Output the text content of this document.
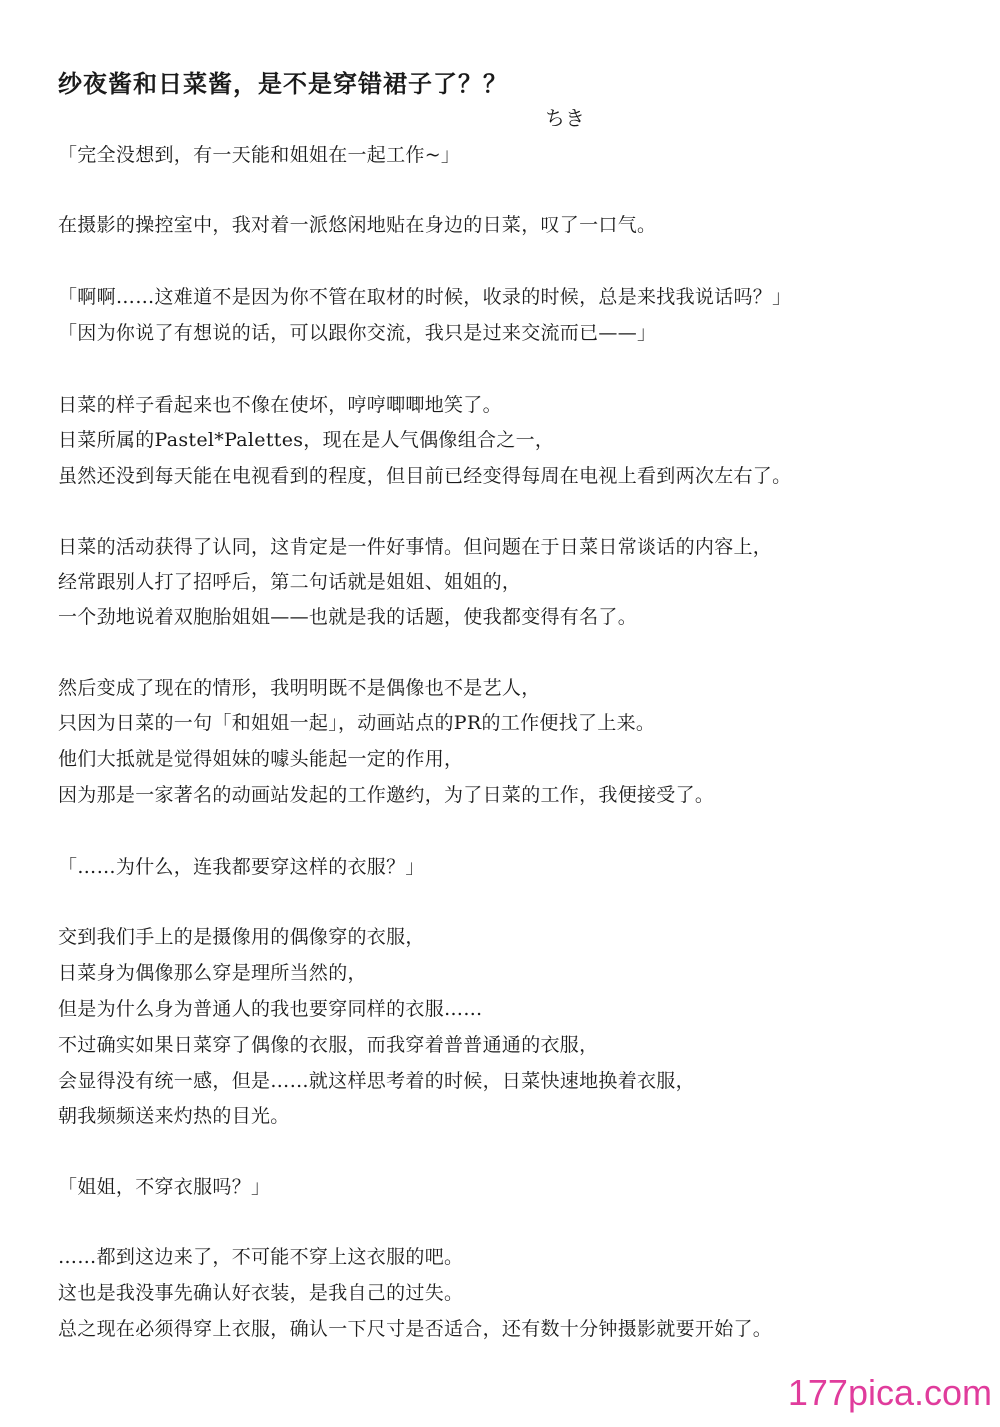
纱夜酱和日菜酱，是不是穿错裙子了？？
ちき
「完全没想到，有一天能和姐姐在一起工作~」
在摄影的操控室中，我对着一派悠闲地贴在身边的日菜，叹了一口气。
「啊啊……这难道不是因为你不管在取材的时候，收录的时候，总是来找我说话吗？」
「因为你说了有想说的话，可以跟你交流，我只是过来交流而已——」
日菜的样子看起来也不像在使坏，哼哼唧唧地笑了。
日菜所属的Pastel*Palettes，现在是人气偶像组合之一，
虽然还没到每天能在电视看到的程度，但目前已经变得每周在电视上看到两次左右了。
日菜的活动获得了认同，这肯定是一件好事情。但问题在于日菜日常谈话的内容上，
经常跟别人打了招呼后，第二句话就是姐姐、姐姐的，
一个劲地说着双胞胎姐姐——也就是我的话题，使我都变得有名了。
然后变成了现在的情形，我明明既不是偶像也不是艺人，
只因为日菜的一句「和姐姐一起」，动画站点的PR的工作便找了上来。
他们大抵就是觉得姐妹的噱头能起一定的作用，
因为那是一家著名的动画站发起的工作邀约，为了日菜的工作，我便接受了。
「……为什么，连我都要穿这样的衣服？」
交到我们手上的是摄像用的偶像穿的衣服，
日菜身为偶像那么穿是理所当然的，
但是为什么身为普通人的我也要穿同样的衣服……
不过确实如果日菜穿了偶像的衣服，而我穿着普普通通的衣服，
会显得没有统一感，但是……就这样思考着的时候，日菜快速地换着衣服，
朝我频频送来灼热的目光。
「姐姐，不穿衣服吗？」
……都到这边来了，不可能不穿上这衣服的吧。
这也是我没事先确认好衣装，是我自己的过失。
总之现在必须得穿上衣服，确认一下尺寸是否适合，还有数十分钟摄影就要开始了。
177pica.com
